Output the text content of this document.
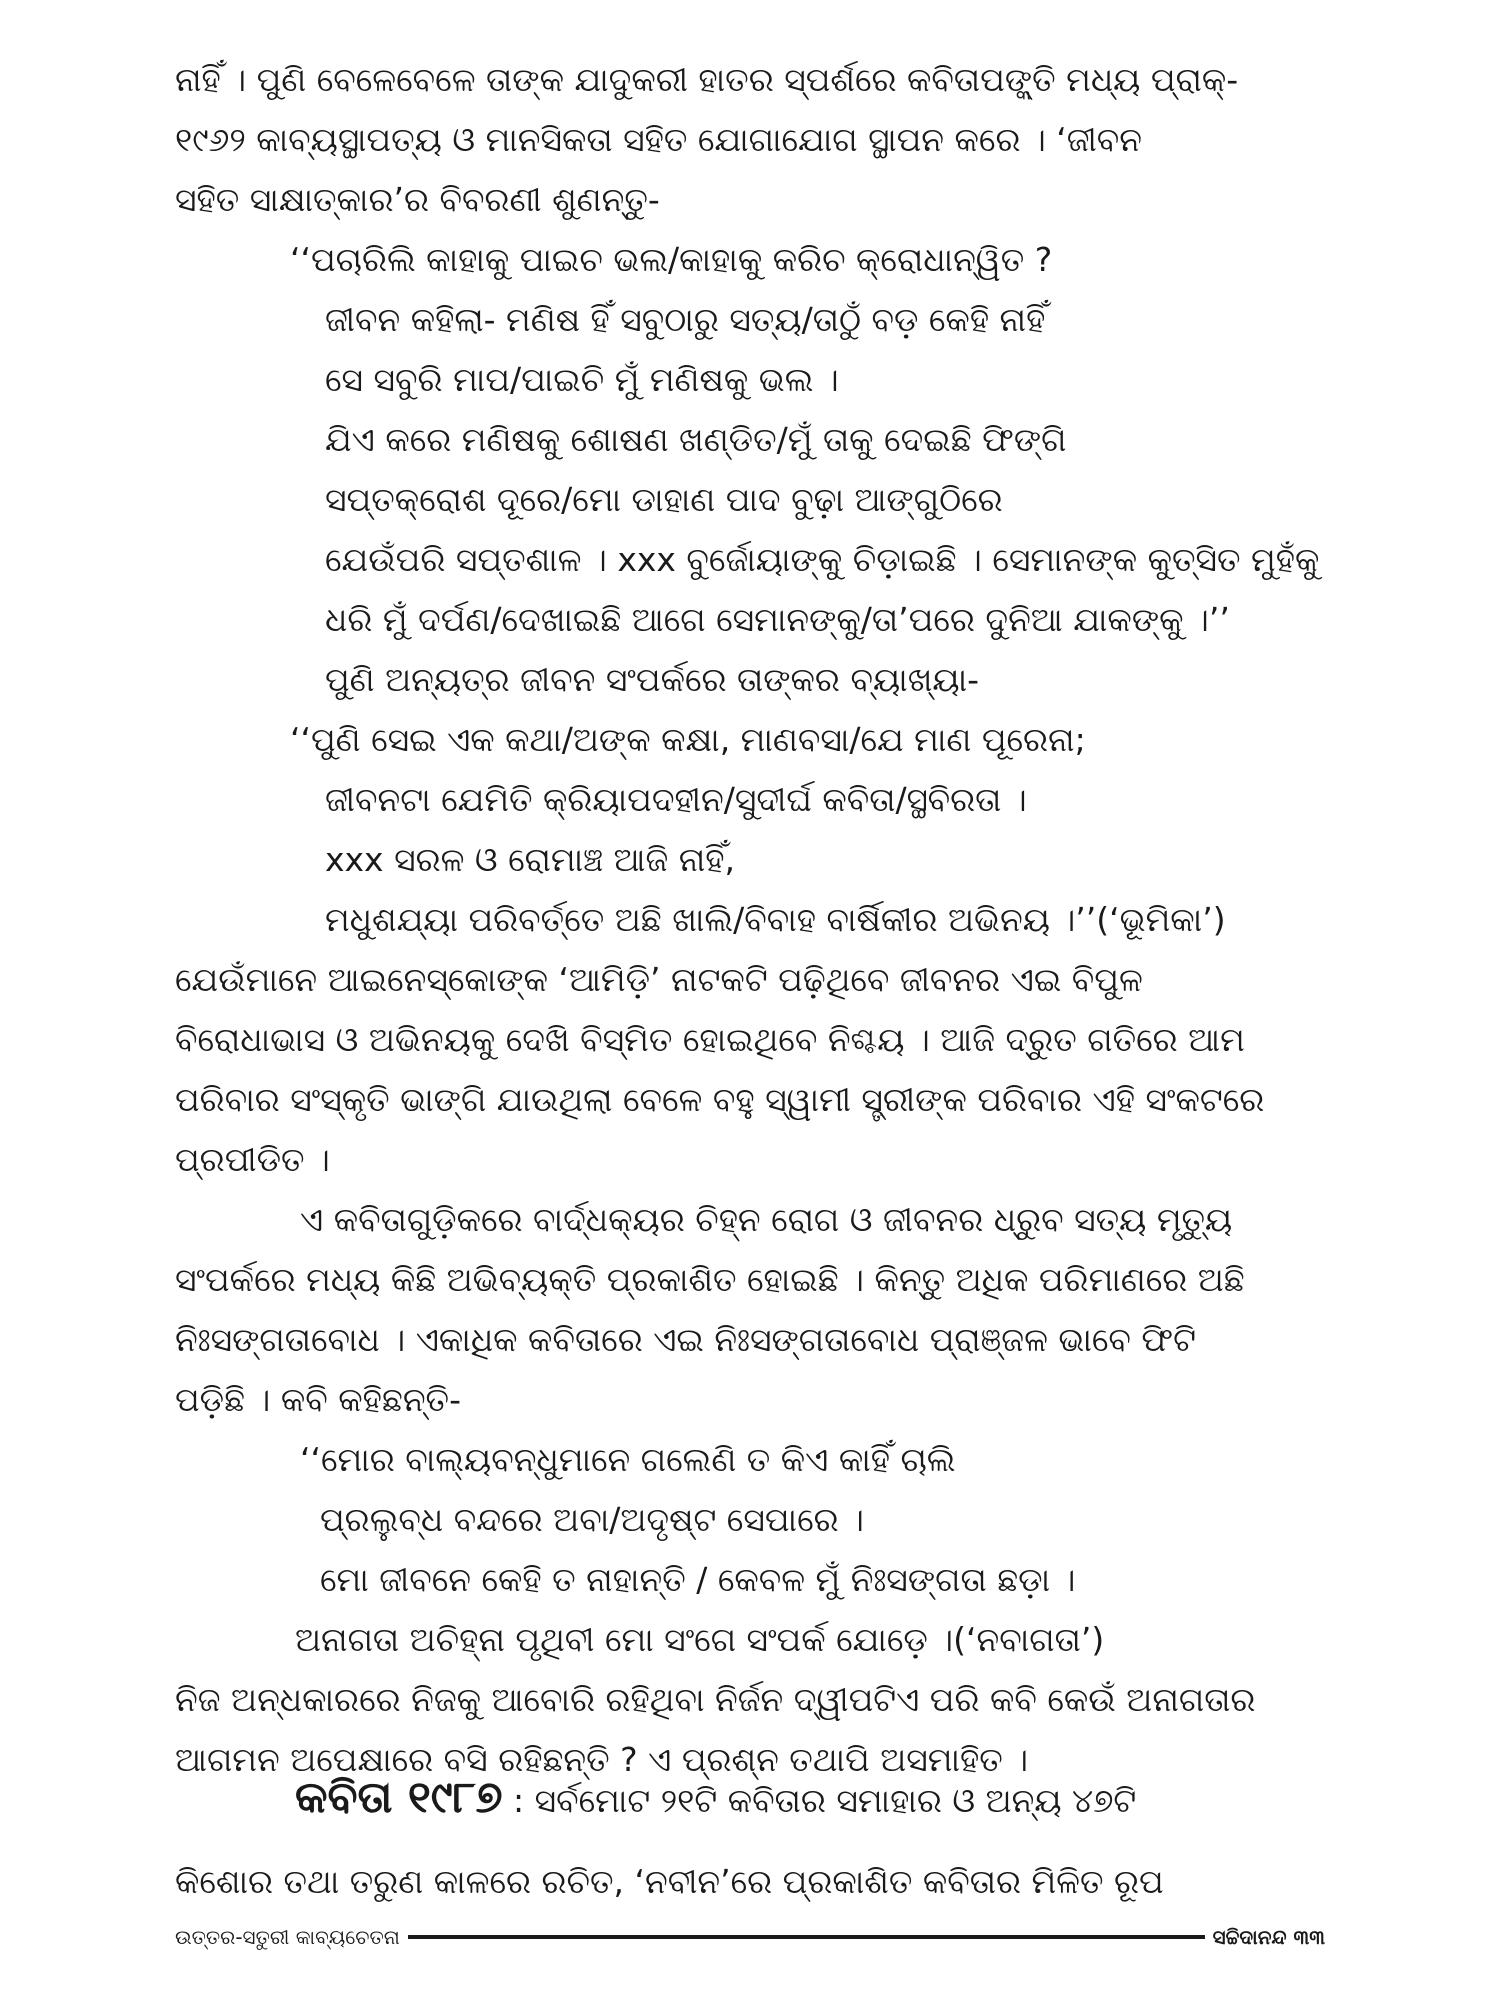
ନାହିଁ । ପୁଣି ବେଳେବେଳେ ତାଙ୍କ ଯାଦୁକରୀ ହାତର ସ୍ପର୍ଶରେ କବିତାପଙ୍କ୍ତି ମଧ୍ୟ ପ୍ରାକ୍-
୧୯୬୨ କାବ୍ୟସ୍ଥାପତ୍ୟ ଓ ମାନସିକତା ସହିତ ଯୋଗାଯୋଗ ସ୍ଥାପନ କରେ । ‘ଜୀବନ
ସହିତ ସାକ୍ଷାତ୍କାର’ର ବିବରଣୀ ଶୁଣନ୍ତୁ-
‘‘ପଚାରିଲି କାହାକୁ ପାଇଚ ଭଲ/କାହାକୁ କରିଚ କ୍ରୋଧାନ୍ୱିତ ?
ଜୀବନ କହିଲା- ମଣିଷ ହିଁ ସବୁଠାରୁ ସତ୍ୟ/ତାଠୁଁ ବଡ଼ କେହି ନାହିଁ
ସେ ସବୁରି ମାପ/ପାଇଚି ମୁଁ ମଣିଷକୁ ଭଲ ।
ଯିଏ କରେ ମଣିଷକୁ ଶୋଷଣ ଖଣ୍ଡିତ/ମୁଁ ତାକୁ ଦେଇଛି ଫିଙ୍ଗି
ସପ୍ତକ୍ରୋଶ ଦୂରେ/ମୋ ଡାହାଣ ପାଦ ବୁଢ଼ା ଆଙ୍ଗୁଠିରେ
ଯେଉଁପରି ସପ୍ତଶାଳ । xxx ବୁର୍ଜୋୟାଙ୍କୁ ଚିଡ଼ାଇଛି । ସେମାନଙ୍କ କୁତ୍ସିତ ମୁହଁକୁ
ଧରି ମୁଁ ଦର୍ପଣ/ଦେଖାଇଛି ଆଗେ ସେମାନଙ୍କୁ/ତା’ପରେ ଦୁନିଆ ଯାକଙ୍କୁ ।’’
ପୁଣି ଅନ୍ୟତ୍ର ଜୀବନ ସଂପର୍କରେ ତାଙ୍କର ବ୍ୟାଖ୍ୟା-
‘‘ପୁଣି ସେଇ ଏକ କଥା/ଅଙ୍କ କକ୍ଷା, ମାଣବସା/ଯେ ମାଣ ପୂରେନା;
ଜୀବନଟା ଯେମିତି କ୍ରିୟାପଦହୀନ/ସୁଦୀର୍ଘ କବିତା/ସ୍ଥବିରତା ।
xxx ସରଳ ଓ ରୋମାଞ୍ଚ ଆଜି ନାହିଁ,
ମଧୁଶଯ୍ୟା ପରିବର୍ତ୍ତେ ଅଛି ଖାଲି/ବିବାହ ବାର୍ଷିକୀର ଅଭିନୟ ।’’(‘ଭୂମିକା’)
ଯେଉଁମାନେ ଆଇନେସ୍କୋଙ୍କ ‘ଆମିଡ଼ି’ ନାଟକଟି ପଢ଼ିଥିବେ ଜୀବନର ଏଇ ବିପୁଳ
ବିରୋଧାଭାସ ଓ ଅଭିନୟକୁ ଦେଖି ବିସ୍ମିତ ହୋଇଥିବେ ନିଶ୍ଚୟ । ଆଜି ଦ୍ରୁତ ଗତିରେ ଆମ
ପରିବାର ସଂସ୍କୃତି ଭାଙ୍ଗି ଯାଉଥିଲା ବେଳେ ବହୁ ସ୍ୱାମୀ ସ୍ତ୍ରୀଙ୍କ ପରିବାର ଏହି ସଂକଟରେ
ପ୍ରପୀଡିତ ।
ଏ କବିତାଗୁଡ଼ିକରେ ବାର୍ଦ୍ଧକ୍ୟର ଚିହ୍ନ ରୋଗ ଓ ଜୀବନର ଧ୍ରୁବ ସତ୍ୟ ମୃତ୍ୟୁ
ସଂପର୍କରେ ମଧ୍ୟ କିଛି ଅଭିବ୍ୟକ୍ତି ପ୍ରକାଶିତ ହୋଇଛି । କିନ୍ତୁ ଅଧିକ ପରିମାଣରେ ଅଛି
ନିଃସଙ୍ଗତାବୋଧ । ଏକାଧିକ କବିତାରେ ଏଇ ନିଃସଙ୍ଗତାବୋଧ ପ୍ରାଞ୍ଜଳ ଭାବେ ଫିଟି
ପଡ଼ିଛି । କବି କହିଛନ୍ତି-
‘‘ମୋର ବାଲ୍ୟବନ୍ଧୁମାନେ ଗଲେଣି ତ କିଏ କାହିଁ ଚାଲି
ପ୍ରଲୁବ୍ଧ ବନ୍ଦରେ ଅବା/ଅଦୃଷ୍ଟ ସେପାରେ ।
ମୋ ଜୀବନେ କେହି ତ ନାହାନ୍ତି / କେବଳ ମୁଁ ନିଃସଙ୍ଗତା ଛଡ଼ା ।
ଅନାଗତା ଅଚିହ୍ନା ପୃଥିବୀ ମୋ ସଂଗେ ସଂପର୍କ ଯୋଡ଼େ ।(‘ନବାଗତା’)
ନିଜ ଅନ୍ଧକାରରେ ନିଜକୁ ଆବୋରି ରହିଥିବା ନିର୍ଜନ ଦ୍ୱୀପଟିଏ ପରି କବି କେଉଁ ଅନାଗତାର
ଆଗମନ ଅପେକ୍ଷାରେ ବସି ରହିଛନ୍ତି ? ଏ ପ୍ରଶ୍ନ ତଥାପି ଅସମାହିତ ।
କବିତା ୧୯୮୭ : ସର୍ବମୋଟ ୨୧ଟି କବିତାର ସମାହାର ଓ ଅନ୍ୟ ୪୭ଟି
କିଶୋର ତଥା ତରୁଣ କାଳରେ ରଚିତ, ‘ନବୀନ’ରେ ପ୍ରକାଶିତ କବିତାର ମିଳିତ ରୂପ
ଉତ୍ତର-ସତୁରୀ କାବ୍ୟଚେତନା	ସଚ୍ଚିଦାନନ୍ଦ ୩୩
